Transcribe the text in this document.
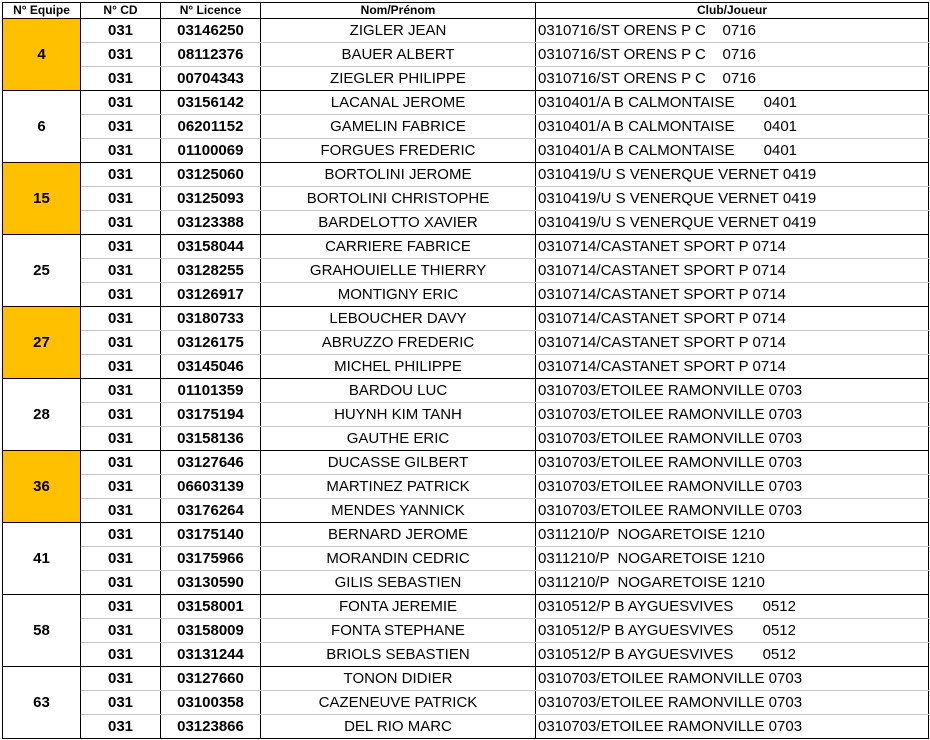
N° Equipe	N° CD	N° Licence	Nom/Prénom	Club/Joueur
4	031	03146250	ZIGLER JEAN	0310716/ST ORENS P C    0716
	031	08112376	BAUER ALBERT	0310716/ST ORENS P C    0716
	031	00704343	ZIEGLER PHILIPPE	0310716/ST ORENS P C    0716
6	031	03156142	LACANAL JEROME	0310401/A B CALMONTAISE       0401
	031	06201152	GAMELIN FABRICE	0310401/A B CALMONTAISE       0401
	031	01100069	FORGUES FREDERIC	0310401/A B CALMONTAISE       0401
15	031	03125060	BORTOLINI JEROME	0310419/U S VENERQUE VERNET 0419
	031	03125093	BORTOLINI CHRISTOPHE	0310419/U S VENERQUE VERNET 0419
	031	03123388	BARDELOTTO XAVIER	0310419/U S VENERQUE VERNET 0419
25	031	03158044	CARRIERE FABRICE	0310714/CASTANET SPORT P 0714
	031	03128255	GRAHOUIELLE THIERRY	0310714/CASTANET SPORT P 0714
	031	03126917	MONTIGNY ERIC	0310714/CASTANET SPORT P 0714
27	031	03180733	LEBOUCHER DAVY	0310714/CASTANET SPORT P 0714
	031	03126175	ABRUZZO FREDERIC	0310714/CASTANET SPORT P 0714
	031	03145046	MICHEL PHILIPPE	0310714/CASTANET SPORT P 0714
28	031	01101359	BARDOU LUC	0310703/ETOILEE RAMONVILLE 0703
	031	03175194	HUYNH KIM TANH	0310703/ETOILEE RAMONVILLE 0703
	031	03158136	GAUTHE ERIC	0310703/ETOILEE RAMONVILLE 0703
36	031	03127646	DUCASSE GILBERT	0310703/ETOILEE RAMONVILLE 0703
	031	06603139	MARTINEZ PATRICK	0310703/ETOILEE RAMONVILLE 0703
	031	03176264	MENDES YANNICK	0310703/ETOILEE RAMONVILLE 0703
41	031	03175140	BERNARD JEROME	0311210/P  NOGARETOISE 1210
	031	03175966	MORANDIN CEDRIC	0311210/P  NOGARETOISE 1210
	031	03130590	GILIS SEBASTIEN	0311210/P  NOGARETOISE 1210
58	031	03158001	FONTA JEREMIE	0310512/P B AYGUESVIVES       0512
	031	03158009	FONTA STEPHANE	0310512/P B AYGUESVIVES       0512
	031	03131244	BRIOLS SEBASTIEN	0310512/P B AYGUESVIVES       0512
63	031	03127660	TONON DIDIER	0310703/ETOILEE RAMONVILLE 0703
	031	03100358	CAZENEUVE PATRICK	0310703/ETOILEE RAMONVILLE 0703
	031	03123866	DEL RIO MARC	0310703/ETOILEE RAMONVILLE 0703
